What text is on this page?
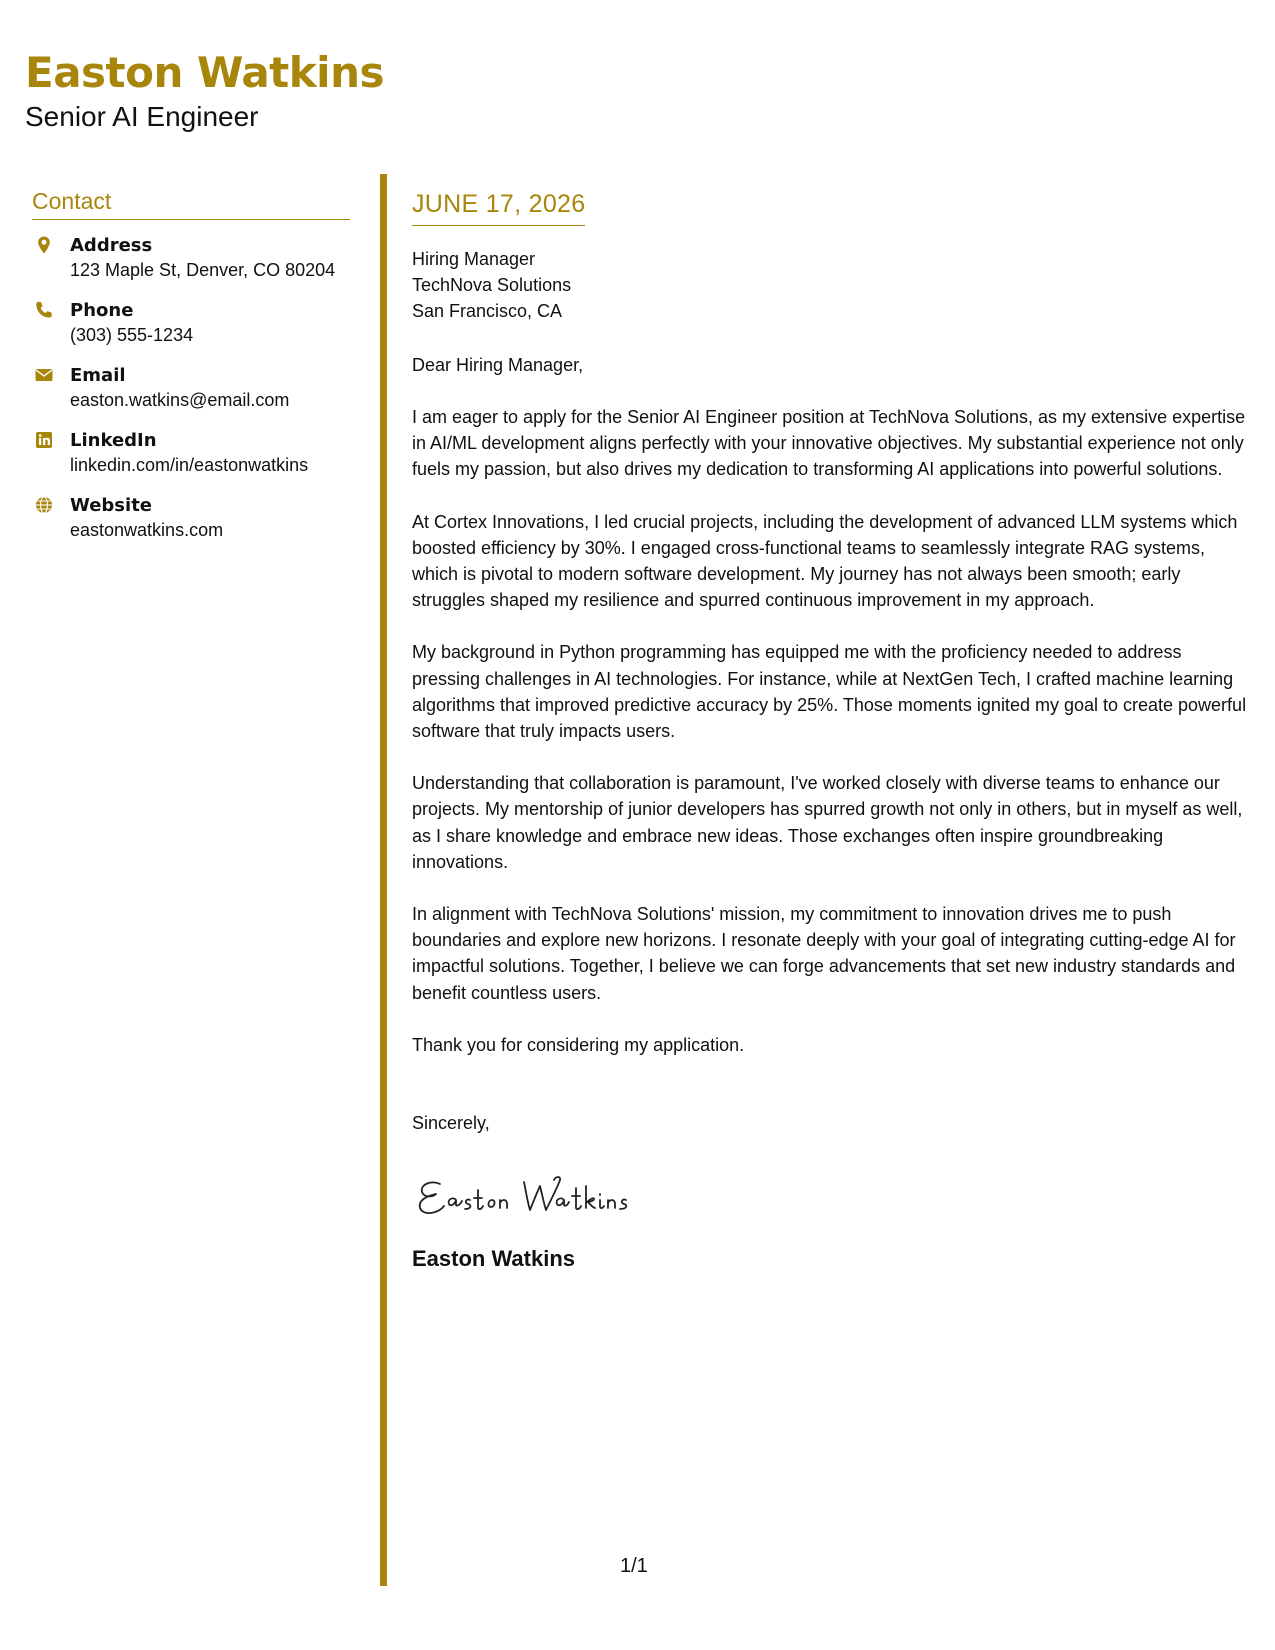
Easton Watkins
Senior AI Engineer
Contact
Address
123 Maple St, Denver, CO 80204
Phone
(303) 555-1234
Email
easton.watkins@email.com
LinkedIn
linkedin.com/in/eastonwatkins
Website
eastonwatkins.com
JUNE 17, 2026
Hiring Manager
TechNova Solutions
San Francisco, CA
Dear Hiring Manager,
I am eager to apply for the Senior AI Engineer position at TechNova Solutions, as my extensive expertise in AI/ML development aligns perfectly with your innovative objectives. My substantial experience not only fuels my passion, but also drives my dedication to transforming AI applications into powerful solutions.
At Cortex Innovations, I led crucial projects, including the development of advanced LLM systems which boosted efficiency by 30%. I engaged cross-functional teams to seamlessly integrate RAG systems, which is pivotal to modern software development. My journey has not always been smooth; early struggles shaped my resilience and spurred continuous improvement in my approach.
My background in Python programming has equipped me with the proficiency needed to address pressing challenges in AI technologies. For instance, while at NextGen Tech, I crafted machine learning algorithms that improved predictive accuracy by 25%. Those moments ignited my goal to create powerful software that truly impacts users.
Understanding that collaboration is paramount, I've worked closely with diverse teams to enhance our projects. My mentorship of junior developers has spurred growth not only in others, but in myself as well, as I share knowledge and embrace new ideas. Those exchanges often inspire groundbreaking innovations.
In alignment with TechNova Solutions' mission, my commitment to innovation drives me to push boundaries and explore new horizons. I resonate deeply with your goal of integrating cutting-edge AI for impactful solutions. Together, I believe we can forge advancements that set new industry standards and benefit countless users.
Thank you for considering my application.
Sincerely,
Easton Watkins
1/1
